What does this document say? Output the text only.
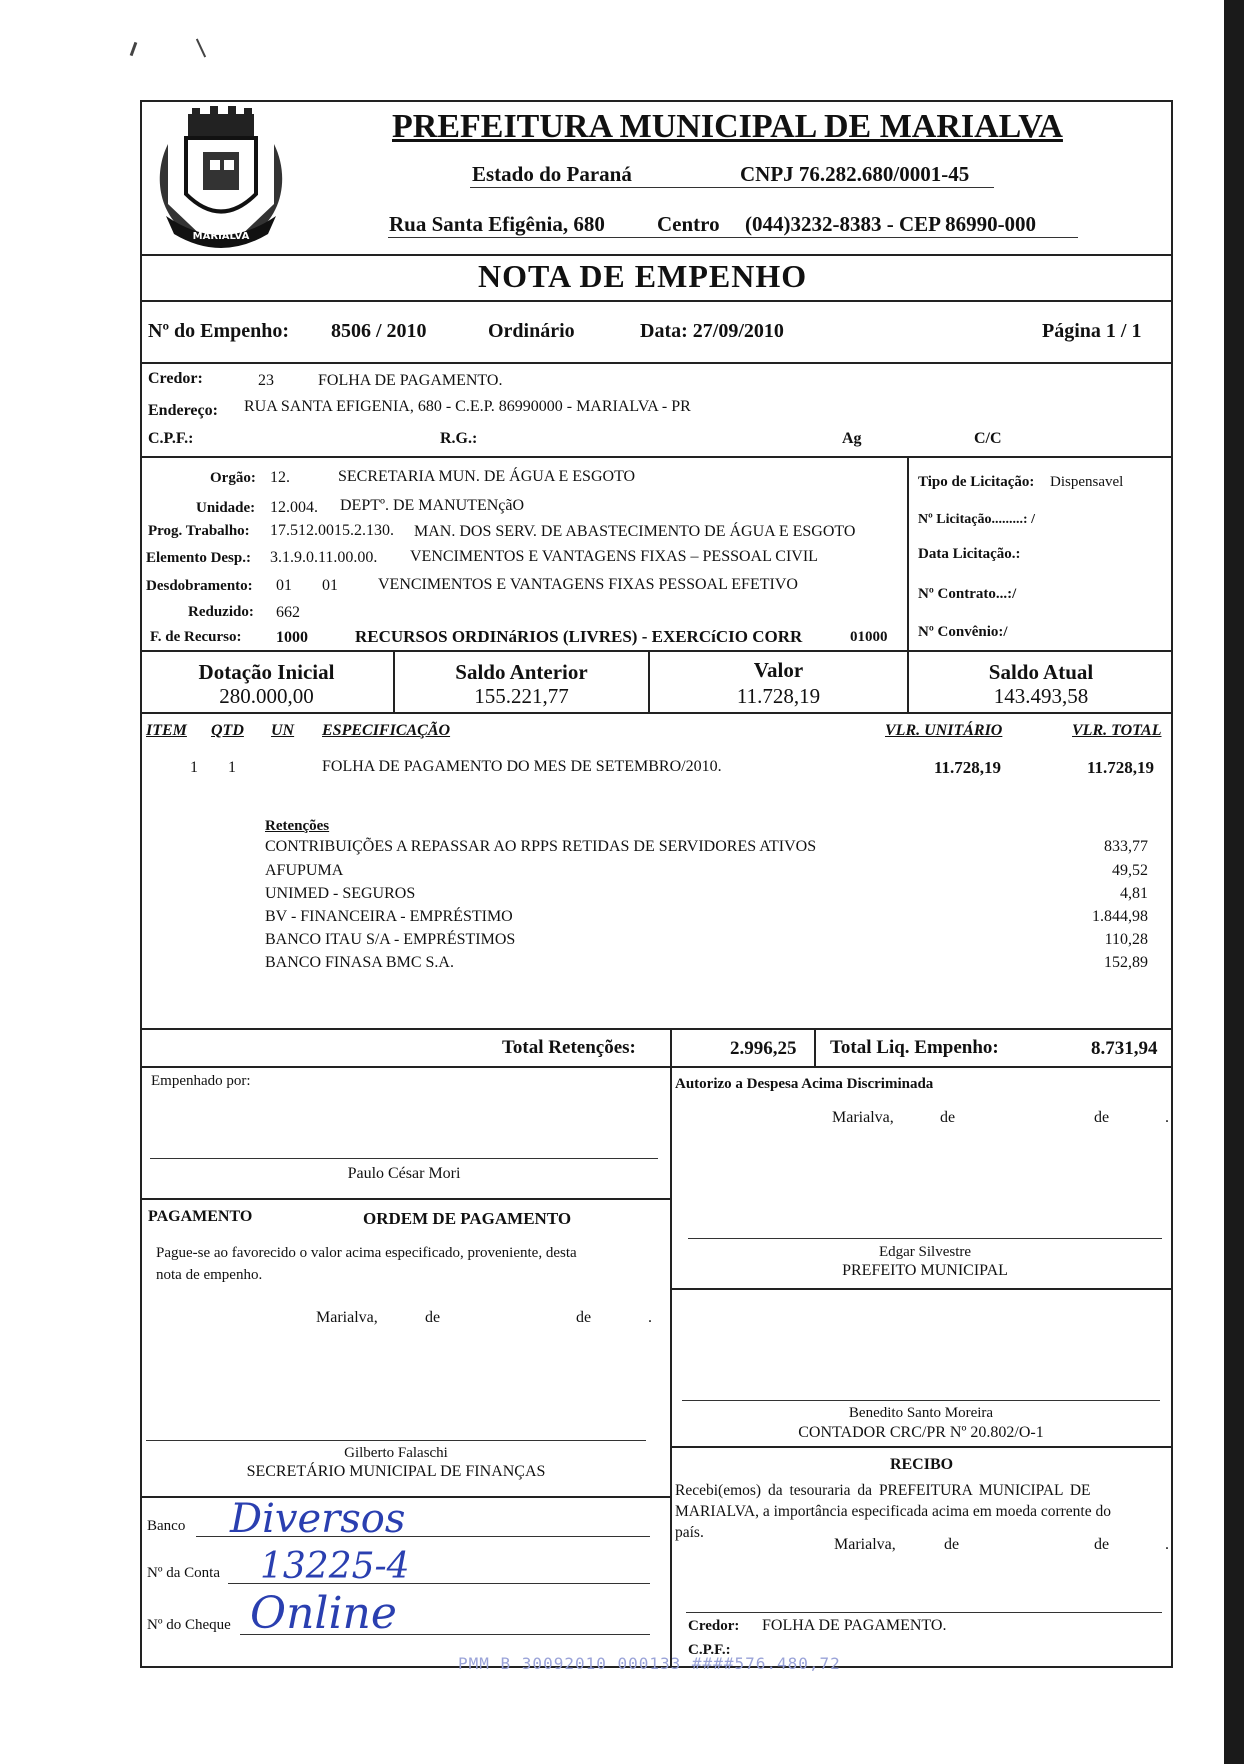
MARIALVA
PREFEITURA MUNICIPAL DE MARIALVA
Estado do Paraná	CNPJ 76.282.680/0001-45
Rua Santa Efigênia, 680 Centro (044)3232-8383 - CEP 86990-000
NOTA DE EMPENHO
Nº do Empenho: 8506 / 2010	Ordinário	Data: 27/09/2010	Página 1 / 1
Credor:	23	FOLHA DE PAGAMENTO.
Endereço: RUA SANTA EFIGENIA, 680 - C.E.P. 86990000 - MARIALVA - PR
C.P.F.:	R.G.:	Ag	C/C
Orgão: 12.	SECRETARIA MUN. DE ÁGUA E ESGOTO
Unidade: 12.004. DEPTº. DE MANUTENçãO
Prog. Trabalho: 17.512.0015.2.130. MAN. DOS SERV. DE ABASTECIMENTO DE ÁGUA E ESGOTO
Elemento Desp.: 3.1.9.0.11.00.00. VENCIMENTOS E VANTAGENS FIXAS – PESSOAL CIVIL
Desdobramento: 01 01	VENCIMENTOS E VANTAGENS FIXAS PESSOAL EFETIVO
Reduzido: 662
F. de Recurso: 1000	RECURSOS ORDINáRIOS (LIVRES) - EXERCíCIO CORR	01000
Tipo de Licitação: Dispensavel
Nº Licitação.........: /
Data Licitação.:
Nº Contrato...:/
Nº Convênio:/
Dotação Inicial
280.000,00
Saldo Anterior
155.221,77
Valor
11.728,19
Saldo Atual
143.493,58
ITEM QTD UN ESPECIFICAÇÃO	VLR. UNITÁRIO	VLR. TOTAL
1 1	FOLHA DE PAGAMENTO DO MES DE SETEMBRO/2010.	11.728,19	11.728,19
Retenções
CONTRIBUIÇÕES A REPASSAR AO RPPS RETIDAS DE SERVIDORES ATIVOS	833,77
AFUPUMA	49,52
UNIMED - SEGUROS	4,81
BV - FINANCEIRA - EMPRÉSTIMO	1.844,98
BANCO ITAU S/A - EMPRÉSTIMOS	110,28
BANCO FINASA BMC S.A.	152,89
Total Retenções:	2.996,25 Total Liq. Empenho:	8.731,94
Empenhado por:
Paulo César Mori
PAGAMENTO	ORDEM DE PAGAMENTO
Pague-se ao favorecido o valor acima especificado, proveniente, desta
nota de empenho.
Marialva,	de	de	.
Gilberto Falaschi
SECRETÁRIO MUNICIPAL DE FINANÇAS
Banco Diversos
Nº da Conta 13225-4
Nº do Cheque Online
Autorizo a Despesa Acima Discriminada
Marialva,	de	de	.
Edgar Silvestre
PREFEITO MUNICIPAL
Benedito Santo Moreira
CONTADOR CRC/PR Nº 20.802/O-1
RECIBO
Recebi(emos) da tesouraria da PREFEITURA MUNICIPAL DE
MARIALVA, a importância especificada acima em moeda corrente do
país.
Marialva,	de	de	.
Credor: FOLHA DE PAGAMENTO.
C.P.F.:
PMM B 30092010 000133 ####576.480,72
